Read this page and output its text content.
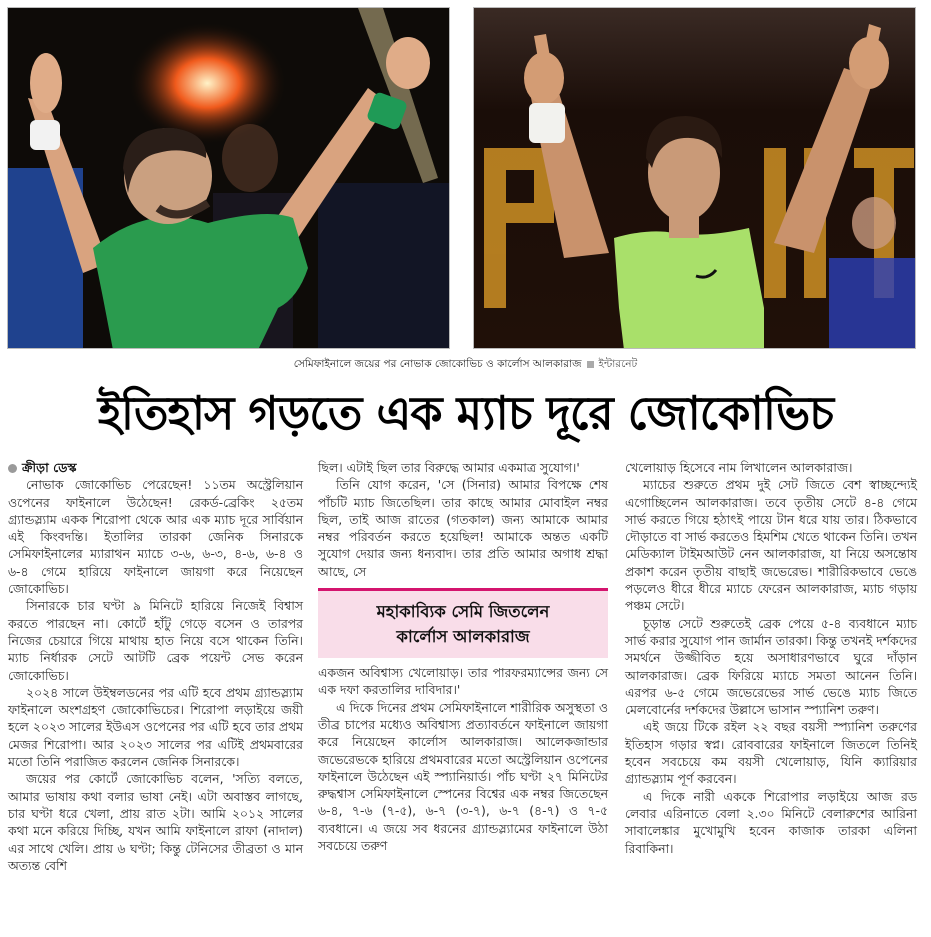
সেমিফাইনালে জয়ের পর নোভাক জোকোভিচ ও কার্লোস আলকারাজ ইন্টারনেট
ইতিহাস গড়তে এক ম্যাচ দূরে জোকোভিচ
ক্রীড়া ডেস্ক

নোভাক জোকোভিচ পেরেছেন! ১১তম অস্ট্রেলিয়ান ওপেনের ফাইনালে উঠেছেন! রেকর্ড-ব্রেকিং ২৫তম গ্র্যান্ডস্ল্যাম একক শিরোপা থেকে আর এক ম্যাচ দূরে সার্বিয়ান এই কিংবদন্তি। ইতালির তারকা জেনিক সিনারকে সেমিফাইনালের ম্যারাথন ম্যাচে ৩-৬, ৬-৩, ৪-৬, ৬-৪ ও ৬-৪ গেমে হারিয়ে ফাইনালে জায়গা করে নিয়েছেন জোকোভিচ।

সিনারকে চার ঘণ্টা ৯ মিনিটে হারিয়ে নিজেই বিশ্বাস করতে পারছেন না। কোর্টে হাঁটু গেড়ে বসেন ও তারপর নিজের চেয়ারে গিয়ে মাথায় হাত নিয়ে বসে থাকেন তিনি। ম্যাচ নির্ধারক সেটে আটটি ব্রেক পয়েন্ট সেভ করেন জোকোভিচ।

২০২৪ সালে উইম্বলডনের পর এটি হবে প্রথম গ্র্যান্ডস্ল্যাম ফাইনালে অংশগ্রহণ জোকোভিচের। শিরোপা লড়াইয়ে জয়ী হলে ২০২৩ সালের ইউএস ওপেনের পর এটি হবে তার প্রথম মেজর শিরোপা। আর ২০২৩ সালের পর এটিই প্রথমবারের মতো তিনি পরাজিত করলেন জেনিক সিনারকে।

জয়ের পর কোর্টে জোকোভিচ বলেন, 'সত্যি বলতে, আমার ভাষায় কথা বলার ভাষা নেই। এটা অবাস্তব লাগছে, চার ঘণ্টা ধরে খেলা, প্রায় রাত ২টা। আমি ২০১২ সালের কথা মনে করিয়ে দিচ্ছি, যখন আমি ফাইনালে রাফা (নাদাল) এর সাথে খেলি। প্রায় ৬ ঘণ্টা; কিন্তু টেনিসের তীব্রতা ও মান অত্যন্ত বেশি

ছিল। এটাই ছিল তার বিরুদ্ধে আমার একমাত্র সুযোগ।'

তিনি যোগ করেন, 'সে (সিনার) আমার বিপক্ষে শেষ পাঁচটি ম্যাচ জিতেছিল। তার কাছে আমার মোবাইল নম্বর ছিল, তাই আজ রাতের (গতকাল) জন্য আমাকে আমার নম্বর পরিবর্তন করতে হয়েছিল! আমাকে অন্তত একটি সুযোগ দেয়ার জন্য ধন্যবাদ। তার প্রতি আমার অগাধ শ্রদ্ধা আছে, সে

মহাকাব্যিক সেমি জিতলেন
কার্লোস আলকারাজ

একজন অবিশ্বাস্য খেলোয়াড়। তার পারফরম্যান্সের জন্য সে এক দফা করতালির দাবিদার।'

এ দিকে দিনের প্রথম সেমিফাইনালে শারীরিক অসুস্থতা ও তীব্র চাপের মধ্যেও অবিশ্বাস্য প্রত্যাবর্তনে ফাইনালে জায়গা করে নিয়েছেন কার্লোস আলকারাজ। আলেকজান্ডার জভেরেভকে হারিয়ে প্রথমবারের মতো অস্ট্রেলিয়ান ওপেনের ফাইনালে উঠেছেন এই স্প্যানিয়ার্ড। পাঁচ ঘণ্টা ২৭ মিনিটের রুদ্ধশ্বাস সেমিফাইনালে স্পেনের বিশ্বের এক নম্বর জিতেছেন ৬-৪, ৭-৬ (৭-৫), ৬-৭ (৩-৭), ৬-৭ (৪-৭) ও ৭-৫ ব্যবধানে। এ জয়ে সব ধরনের গ্র্যান্ডস্ল্যামের ফাইনালে উঠা সবচেয়ে তরুণ

খেলোয়াড় হিসেবে নাম লিখালেন আলকারাজ।

ম্যাচের শুরুতে প্রথম দুই সেট জিতে বেশ স্বাচ্ছন্দ্যেই এগোচ্ছিলেন আলকারাজ। তবে তৃতীয় সেটে ৪-৪ গেমে সার্ভ করতে গিয়ে হঠাৎই পায়ে টান ধরে যায় তার। ঠিকভাবে দৌড়াতে বা সার্ভ করতেও হিমশিম খেতে থাকেন তিনি। তখন মেডিক্যাল টাইমআউট নেন আলকারাজ, যা নিয়ে অসন্তোষ প্রকাশ করেন তৃতীয় বাছাই জভেরেভ। শারীরিকভাবে ভেঙে পড়লেও ধীরে ধীরে ম্যাচে ফেরেন আলকারাজ, ম্যাচ গড়ায় পঞ্চম সেটে।

চূড়ান্ত সেটে শুরুতেই ব্রেক পেয়ে ৫-৪ ব্যবধানে ম্যাচ সার্ভ করার সুযোগ পান জার্মান তারকা। কিন্তু তখনই দর্শকদের সমর্থনে উজ্জীবিত হয়ে অসাধারণভাবে ঘুরে দাঁড়ান আলকারাজ। ব্রেক ফিরিয়ে ম্যাচে সমতা আনেন তিনি। এরপর ৬-৫ গেমে জভেরেভের সার্ভ ভেঙে ম্যাচ জিতে মেলবোর্নের দর্শকদের উল্লাসে ভাসান স্প্যানিশ তরুণ।

এই জয়ে টিকে রইল ২২ বছর বয়সী স্প্যানিশ তরুণের ইতিহাস গড়ার স্বপ্ন। রোববারের ফাইনালে জিতলে তিনিই হবেন সবচেয়ে কম বয়সী খেলোয়াড়, যিনি ক্যারিয়ার গ্র্যান্ডস্ল্যাম পূর্ণ করবেন।

এ দিকে নারী এককে শিরোপার লড়াইয়ে আজ রড লেবার এরিনাতে বেলা ২.৩০ মিনিটে বেলারুশের আরিনা সাবালেঙ্কার মুখোমুখি হবেন কাজাক তারকা এলিনা রিবাকিনা।
